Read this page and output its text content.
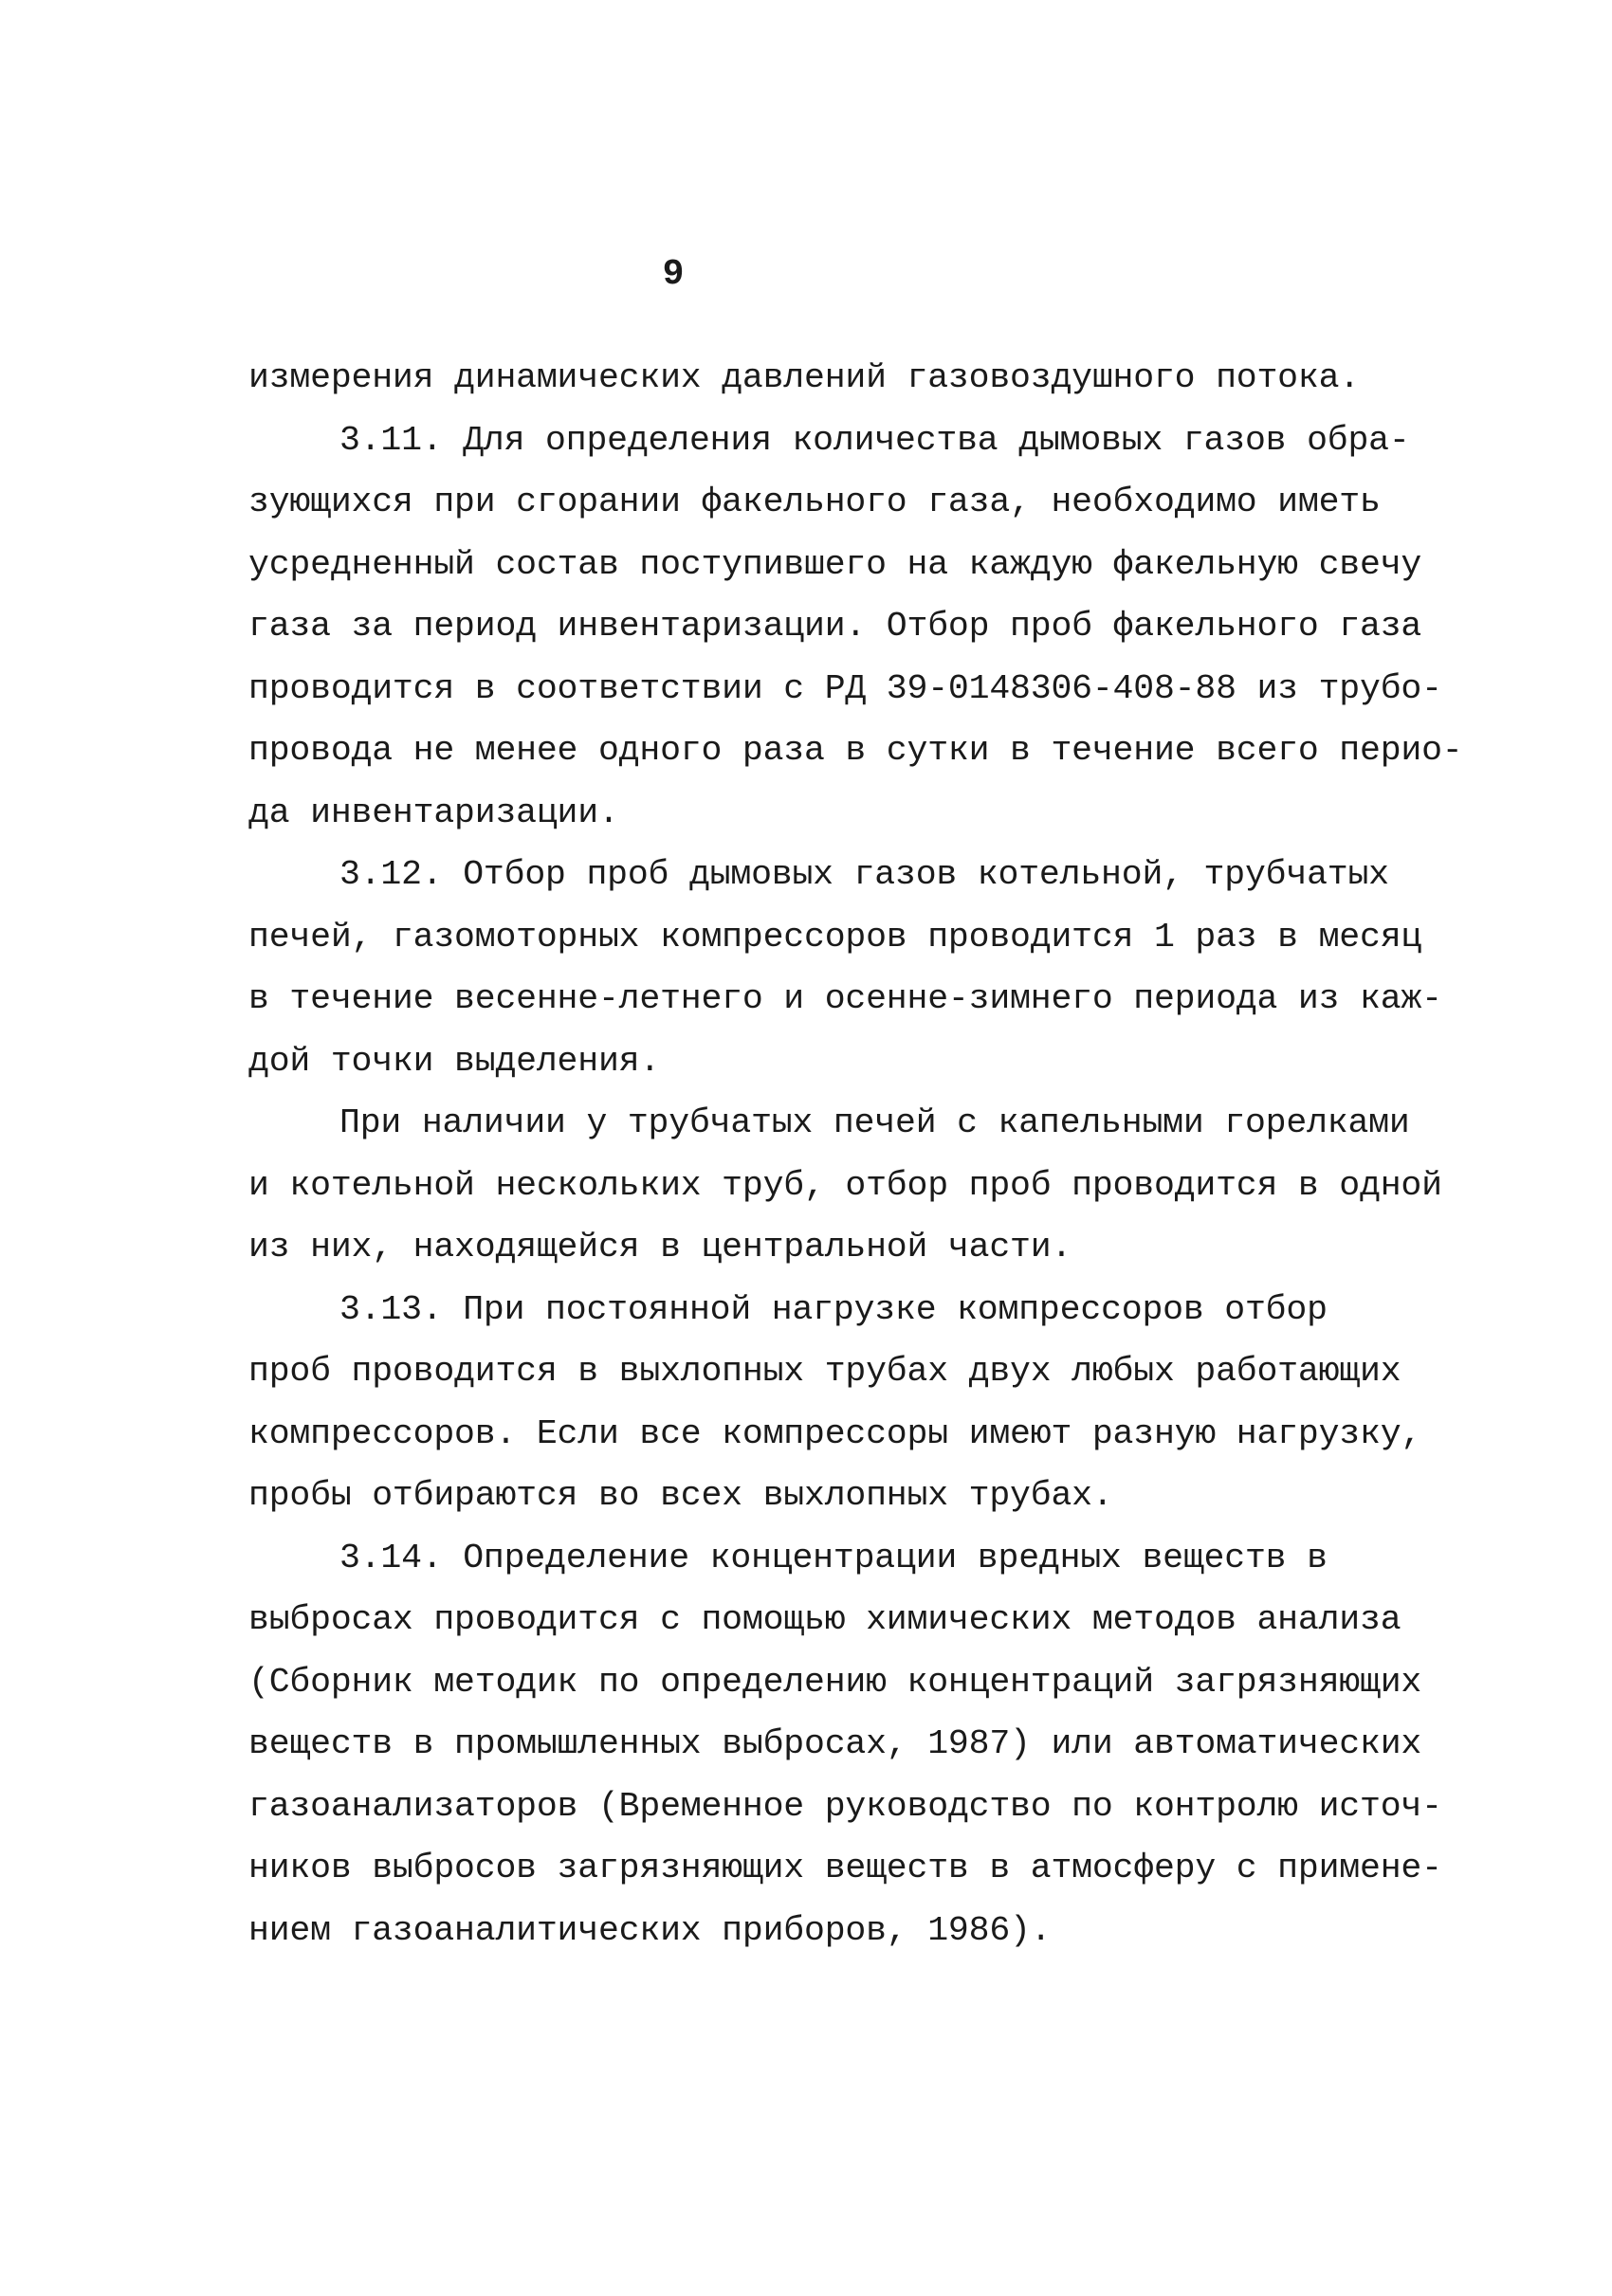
9
измерения динамических давлений газовоздушного потока.
3.11. Для определения количества дымовых газов обра-
зующихся при сгорании факельного газа, необходимо иметь
усредненный состав поступившего на каждую факельную свечу
газа за период инвентаризации. Отбор проб факельного газа
проводится в соответствии с РД 39-0148306-408-88 из трубо-
провода не менее одного раза в сутки в течение всего перио-
да инвентаризации.
3.12. Отбор проб дымовых газов котельной, трубчатых
печей, газомоторных компрессоров проводится 1 раз в месяц
в течение весенне-летнего и осенне-зимнего периода из каж-
дой точки выделения.
При наличии у трубчатых печей с капельными горелками
и котельной нескольких труб, отбор проб проводится в одной
из них, находящейся в центральной части.
3.13. При постоянной нагрузке компрессоров отбор
проб проводится в выхлопных трубах двух любых работающих
компрессоров. Если все компрессоры имеют разную нагрузку,
пробы отбираются во всех выхлопных трубах.
3.14. Определение концентрации вредных веществ в
выбросах проводится с помощью химических методов анализа
(Сборник методик по определению концентраций загрязняющих
веществ в промышленных выбросах, 1987) или автоматических
газоанализаторов (Временное руководство по контролю источ-
ников выбросов загрязняющих веществ в атмосферу с примене-
нием газоаналитических приборов, 1986).
